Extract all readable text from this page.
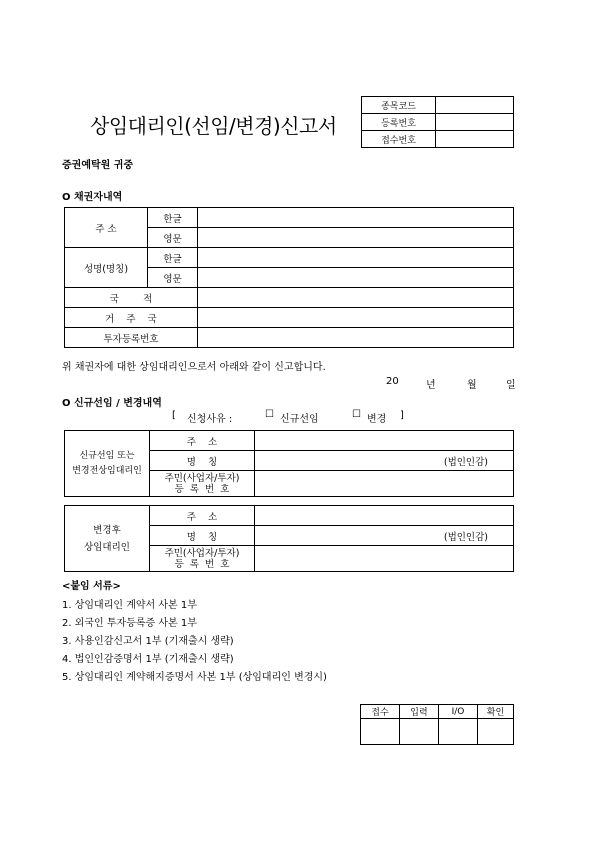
상임대리인(선임/변경)신고서
종목코드	
등록번호	
접수번호	
증권예탁원 귀중
O 채권자내역
주 소	한글	
	영문	
성명(명칭)	한글	
	영문	
국        적		
거    주    국		
투자등록번호		
위 채권자에 대한 상임대리인으로서 아래와 같이 신고합니다.
20	년	월	일
O 신규선임 / 변경내역
[ 신청사유 :	☐ 신규선임	☐ 변경 ]
신규선임 또는
변경전상임대리인	주    소	
	명    칭	(법인인감)

	주민(사업자/투자)
등  록  번  호	

변경후
상임대리인	주    소	
	명    칭	(법인인감)

	주민(사업자/투자)
등  록  번  호	

<붙임 서류>
1. 상임대리인 계약서 사본 1부
2. 외국인 투자등록증 사본 1부
3. 사용인감신고서 1부 (기재출시 생략)
4. 법인인감증명서 1부 (기재출시 생략)
5. 상임대리인 계약해지증명서 사본 1부 (상임대리인 변경시)
접수	입력	I/O	확인
